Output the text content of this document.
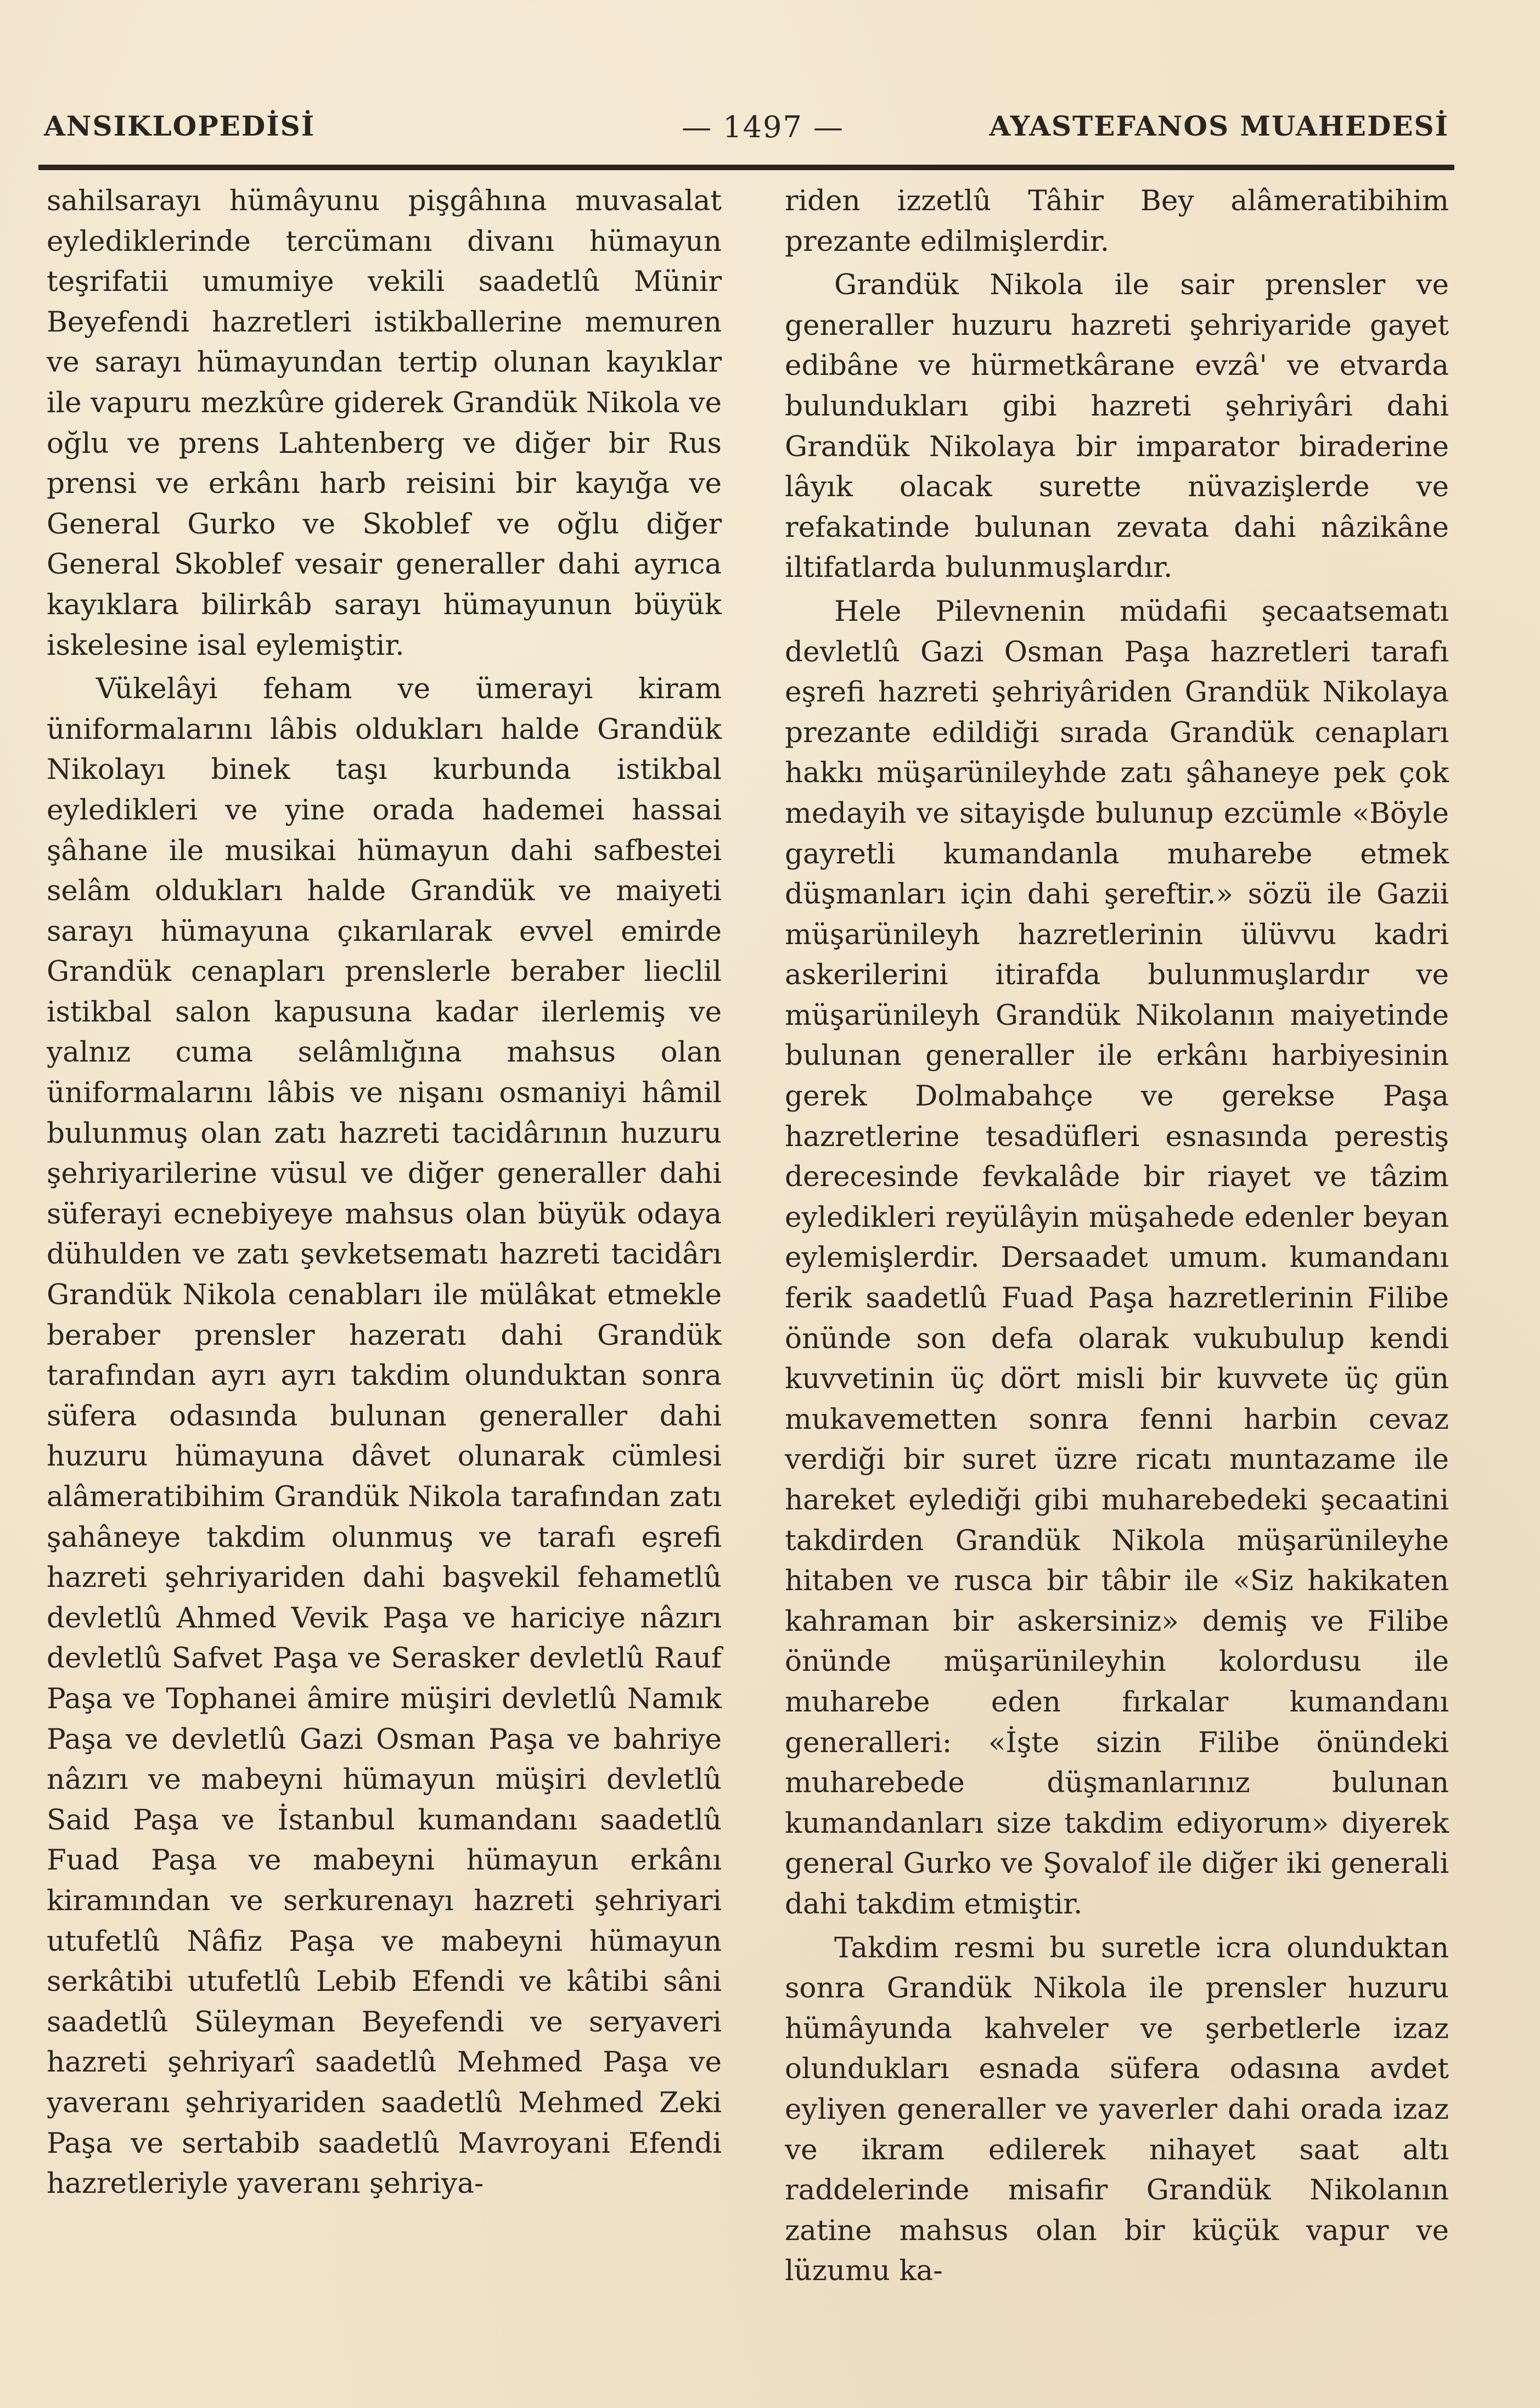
ANSIKLOPEDİSİ	— 1497 —	AYASTEFANOS MUAHEDESİ

sahilsarayı hümâyunu pişgâhına muvasalat eylediklerinde tercümanı divanı hümayun teşrifatii umumiye vekili saadetlû Münir Beyefendi hazretleri istikballerine memuren ve sarayı hümayundan tertip olunan kayıklar ile vapuru mezkûre giderek Grandük Nikola ve oğlu ve prens Lahtenberg ve diğer bir Rus prensi ve erkânı harb reisini bir kayığa ve General Gurko ve Skoblef ve oğlu diğer General Skoblef vesair generaller dahi ayrıca kayıklara bilirkâb sarayı hümayunun büyük iskelesine isal eylemiştir.

Vükelâyi feham ve ümerayi kiram üniformalarını lâbis oldukları halde Grandük Nikolayı binek taşı kurbunda istikbal eyledikleri ve yine orada hademei hassai şâhane ile musikai hümayun dahi safbestei selâm oldukları halde Grandük ve maiyeti sarayı hümayuna çıkarılarak evvel emirde Grandük cenapları prenslerle beraber lieclil istikbal salon kapusuna kadar ilerlemiş ve yalnız cuma selâmlığına mahsus olan üniformalarını lâbis ve nişanı osmaniyi hâmil bulunmuş olan zatı hazreti tacidârının huzuru şehriyarilerine vüsul ve diğer generaller dahi süferayi ecnebiyeye mahsus olan büyük odaya dühulden ve zatı şevketsematı hazreti tacidârı Grandük Nikola cenabları ile mülâkat etmekle beraber prensler hazeratı dahi Grandük tarafından ayrı ayrı takdim olunduktan sonra süfera odasında bulunan generaller dahi huzuru hümayuna dâvet olunarak cümlesi alâmeratibihim Grandük Nikola tarafından zatı şahâneye takdim olunmuş ve tarafı eşrefi hazreti şehriyariden dahi başvekil fehametlû devletlû Ahmed Vevik Paşa ve hariciye nâzırı devletlû Safvet Paşa ve Serasker devletlû Rauf Paşa ve Tophanei âmire müşiri devletlû Namık Paşa ve devletlû Gazi Osman Paşa ve bahriye nâzırı ve mabeyni hümayun müşiri devletlû Said Paşa ve İstanbul kumandanı saadetlû Fuad Paşa ve mabeyni hümayun erkânı kiramından ve serkurenayı hazreti şehriyari utufetlû Nâfiz Paşa ve mabeyni hümayun serkâtibi utufetlû Lebib Efendi ve kâtibi sâni saadetlû Süleyman Beyefendi ve seryaveri hazreti şehriyarî saadetlû Mehmed Paşa ve yaveranı şehriyariden saadetlû Mehmed Zeki Paşa ve sertabib saadetlû Mavroyani Efendi hazretleriyle yaveranı şehriya-

riden izzetlû Tâhir Bey alâmeratibihim prezante edilmişlerdir.

Grandük Nikola ile sair prensler ve generaller huzuru hazreti şehriyaride gayet edibâne ve hürmetkârane evzâ' ve etvarda bulundukları gibi hazreti şehriyâri dahi Grandük Nikolaya bir imparator biraderine lâyık olacak surette nüvazişlerde ve refakatinde bulunan zevata dahi nâzikâne iltifatlarda bulunmuşlardır.

Hele Pilevnenin müdafii şecaatsematı devletlû Gazi Osman Paşa hazretleri tarafı eşrefi hazreti şehriyâriden Grandük Nikolaya prezante edildiği sırada Grandük cenapları hakkı müşarünileyhde zatı şâhaneye pek çok medayih ve sitayişde bulunup ezcümle «Böyle gayretli kumandanla muharebe etmek düşmanları için dahi şereftir.» sözü ile Gazii müşarünileyh hazretlerinin ülüvvu kadri askerilerini itirafda bulunmuşlardır ve müşarünileyh Grandük Nikolanın maiyetinde bulunan generaller ile erkânı harbiyesinin gerek Dolmabahçe ve gerekse Paşa hazretlerine tesadüfleri esnasında perestiş derecesinde fevkalâde bir riayet ve tâzim eyledikleri reyülâyin müşahede edenler beyan eylemişlerdir. Dersaadet umum. kumandanı ferik saadetlû Fuad Paşa hazretlerinin Filibe önünde son defa olarak vukubulup kendi kuvvetinin üç dört misli bir kuvvete üç gün mukavemetten sonra fenni harbin cevaz verdiği bir suret üzre ricatı muntazame ile hareket eylediği gibi muharebedeki şecaatini takdirden Grandük Nikola müşarünileyhe hitaben ve rusca bir tâbir ile «Siz hakikaten kahraman bir askersiniz» demiş ve Filibe önünde müşarünileyhin kolordusu ile muharebe eden fırkalar kumandanı generalleri: «İşte sizin Filibe önündeki muharebede düşmanlarınız bulunan kumandanları size takdim ediyorum» diyerek general Gurko ve Şovalof ile diğer iki generali dahi takdim etmiştir.

Takdim resmi bu suretle icra olunduktan sonra Grandük Nikola ile prensler huzuru hümâyunda kahveler ve şerbetlerle izaz olundukları esnada süfera odasına avdet eyliyen generaller ve yaverler dahi orada izaz ve ikram edilerek nihayet saat altı raddelerinde misafir Grandük Nikolanın zatine mahsus olan bir küçük vapur ve lüzumu ka-
